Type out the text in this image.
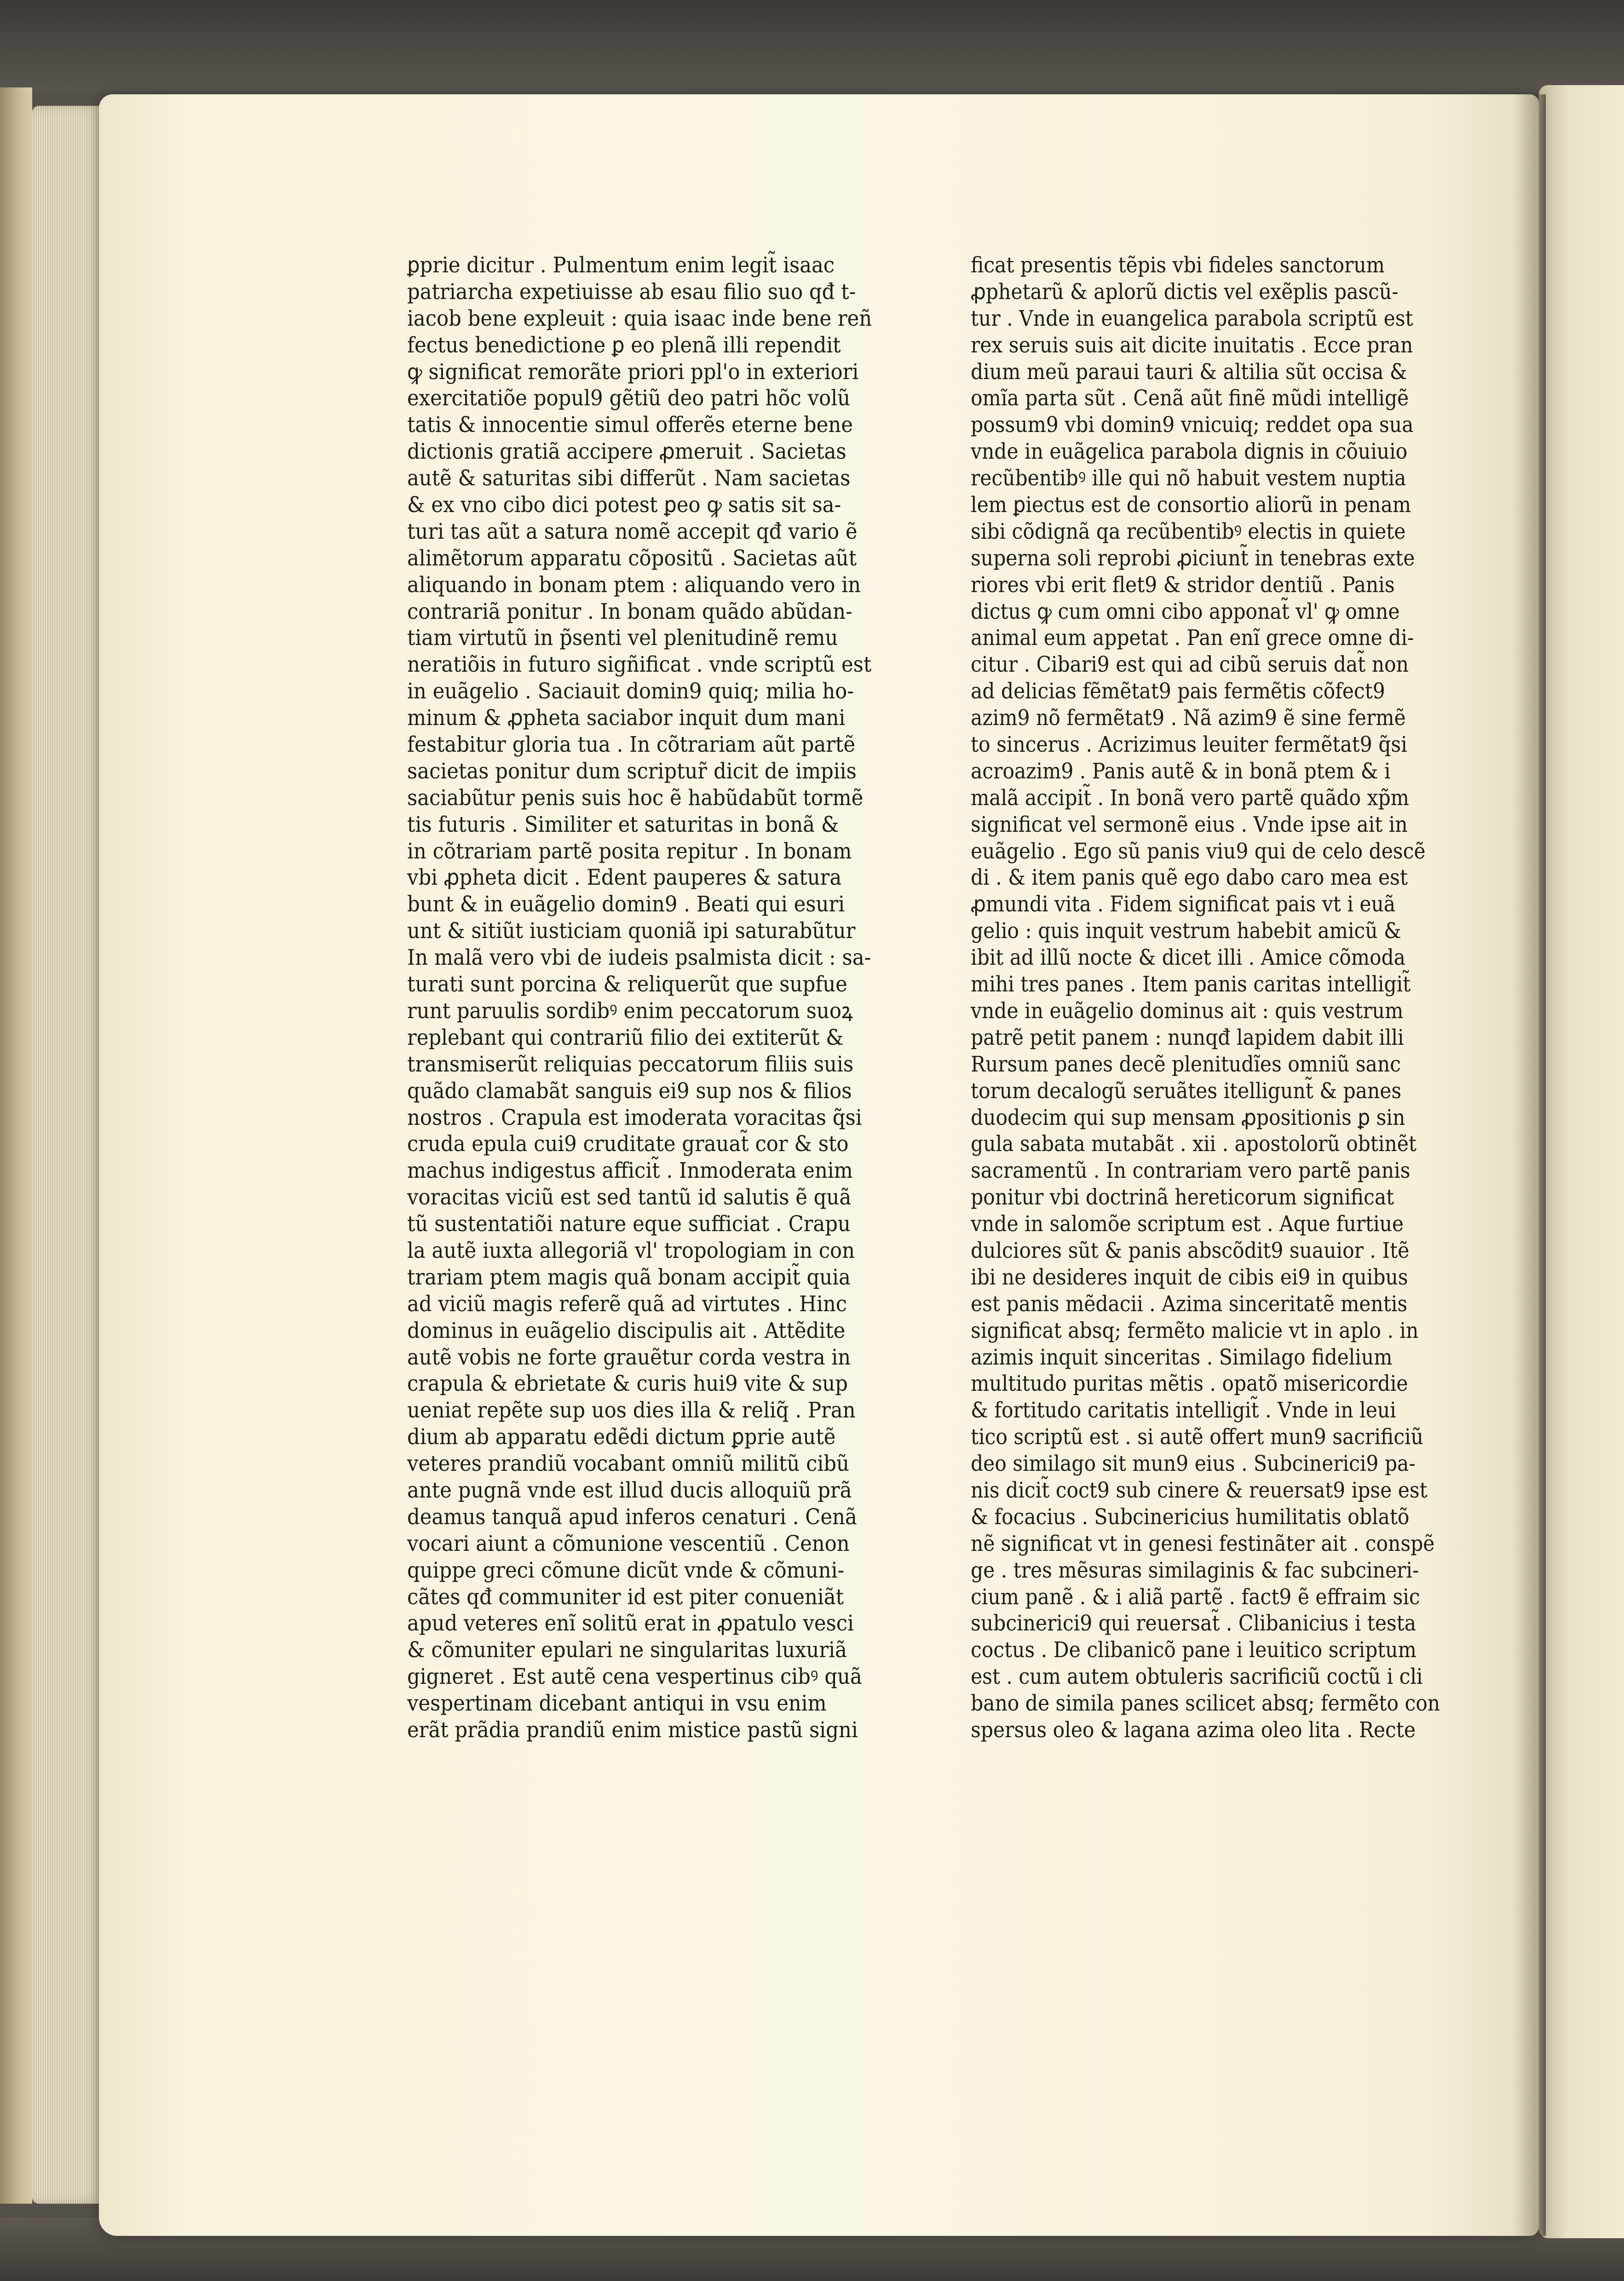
ꝑprie dicitur . Pulmentum enim legit̃ isaac
patriarcha expetiuisse ab esau filio suo qđ t-
iacob bene expleuit : quia isaac inde bene reñ
fectus benedictione ꝑ eo plenã illi rependit
ꝙ significat remorãte priori ppl'o in exteriori
exercitatiõe popul9 gẽtiũ deo patri hõc volũ
tatis & innocentie simul offerẽs eterne bene
dictionis gratiã accipere ꝓmeruit . Sacietas
autẽ & saturitas sibi differũt . Nam sacietas
& ex vno cibo dici potest ꝑeo ꝙ satis sit sa-
turi tas aũt a satura nomẽ accepit qđ vario ẽ
alimẽtorum apparatu cõpositũ . Sacietas aũt
aliquando in bonam ptem : aliquando vero in
contrariã ponitur . In bonam quãdo abũdan-
tiam virtutũ in p̃senti vel plenitudinẽ remu
neratiõis in futuro sigñificat . vnde scriptũ est
in euãgelio . Saciauit domin9 quiq; milia ho-
minum & ꝓpheta saciabor inquit dum mani
festabitur gloria tua . In cõtrariam aũt partẽ
sacietas ponitur dum scriptur̃ dicit de impiis
saciabũtur penis suis hoc ẽ habũdabũt tormẽ
tis futuris . Similiter et saturitas in bonã &
in cõtrariam partẽ posita repitur . In bonam
vbi ꝓpheta dicit . Edent pauperes & satura
bunt & in euãgelio domin9 . Beati qui esuri
unt & sitiũt iusticiam quoniã ipi saturabũtur
In malã vero vbi de iudeis psalmista dicit : sa-
turati sunt porcina & reliquerũt que supfue
runt paruulis sordibꝰ enim peccatorum suoꝝ
replebant qui contrariũ filio dei extiterũt &
transmiserũt reliquias peccatorum filiis suis
quãdo clamabãt sanguis ei9 sup nos & filios
nostros . Crapula est imoderata voracitas q̃si
cruda epula cui9 cruditate grauat̃ cor & sto
machus indigestus afficit̃ . Inmoderata enim
voracitas viciũ est sed tantũ id salutis ẽ quã
tũ sustentatiõi nature eque sufficiat . Crapu
la autẽ iuxta allegoriã vl' tropologiam in con
trariam ptem magis quã bonam accipit̃ quia
ad viciũ magis referẽ quã ad virtutes . Hinc
dominus in euãgelio discipulis ait . Attẽdite
autẽ vobis ne forte grauẽtur corda vestra in
crapula & ebrietate & curis hui9 vite & sup
ueniat repẽte sup uos dies illa & reliq̃ . Pran
dium ab apparatu edẽdi dictum ꝑprie autẽ
veteres prandiũ vocabant omniũ militũ cibũ
ante pugnã vnde est illud ducis alloquiũ prã
deamus tanquã apud inferos cenaturi . Cenã
vocari aiunt a cõmunione vescentiũ . Cenon
quippe greci cõmune dicũt vnde & cõmuni-
cãtes qđ communiter id est piter conueniãt
apud veteres enĩ solitũ erat in ꝓpatulo vesci
& cõmuniter epulari ne singularitas luxuriã
gigneret . Est autẽ cena vespertinus cibꝰ quã
vespertinam dicebant antiqui in vsu enim
erãt prãdia prandiũ enim mistice pastũ signi
ficat presentis tẽpis vbi fideles sanctorum
ꝓphetarũ & aplorũ dictis vel exẽplis pascũ-
tur . Vnde in euangelica parabola scriptũ est
rex seruis suis ait dicite inuitatis . Ecce pran
dium meũ paraui tauri & altilia sũt occisa &
omĩa parta sũt . Cenã aũt finẽ mũdi intelligẽ
possum9 vbi domin9 vnicuiq; reddet opa sua
vnde in euãgelica parabola dignis in cõuiuio
recũbentibꝰ ille qui nõ habuit vestem nuptia
lem ꝑiectus est de consortio aliorũ in penam
sibi cõdignã qa recũbentibꝰ electis in quiete
superna soli reprobi ꝓiciunt̃ in tenebras exte
riores vbi erit flet9 & stridor dentiũ . Panis
dictus ꝙ cum omni cibo apponat̃ vl' ꝙ omne
animal eum appetat . Pan enĩ grece omne di-
citur . Cibari9 est qui ad cibũ seruis dat̃ non
ad delicias fẽmẽtat9 pais fermẽtis cõfect9
azim9 nõ fermẽtat9 . Nã azim9 ẽ sine fermẽ
to sincerus . Acrizimus leuiter fermẽtat9 q̃si
acroazim9 . Panis autẽ & in bonã ptem & i
malã accipit̃ . In bonã vero partẽ quãdo xp̃m
significat vel sermonẽ eius . Vnde ipse ait in
euãgelio . Ego sũ panis viu9 qui de celo descẽ
di . & item panis quẽ ego dabo caro mea est
ꝓmundi vita . Fidem significat pais vt i euã
gelio : quis inquit vestrum habebit amicũ &
ibit ad illũ nocte & dicet illi . Amice cõmoda
mihi tres panes . Item panis caritas intelligit̃
vnde in euãgelio dominus ait : quis vestrum
patrẽ petit panem : nunqđ lapidem dabit illi
Rursum panes decẽ plenitudĩes omniũ sanc
torum decalogũ seruãtes itelligunt̃ & panes
duodecim qui sup mensam ꝓpositionis ꝑ sin
gula sabata mutabãt . xii . apostolorũ obtinẽt
sacramentũ . In contrariam vero partẽ panis
ponitur vbi doctrinã hereticorum significat
vnde in salomõe scriptum est . Aque furtiue
dulciores sũt & panis abscõdit9 suauior . Itẽ
ibi ne desideres inquit de cibis ei9 in quibus
est panis mẽdacii . Azima sinceritatẽ mentis
significat absq; fermẽto malicie vt in aplo . in
azimis inquit sinceritas . Similago fidelium
multitudo puritas mẽtis . opatõ misericordie
& fortitudo caritatis intelligit̃ . Vnde in leui
tico scriptũ est . si autẽ offert mun9 sacrificiũ
deo similago sit mun9 eius . Subcinerici9 pa-
nis dicit̃ coct9 sub cinere & reuersat9 ipse est
& focacius . Subcinericius humilitatis oblatõ
nẽ significat vt in genesi festinãter ait . conspẽ
ge . tres mẽsuras similaginis & fac subcineri-
cium panẽ . & i aliã partẽ . fact9 ẽ effraim sic
subcinerici9 qui reuersat̃ . Clibanicius i testa
coctus . De clibanicõ pane i leuitico scriptum
est . cum autem obtuleris sacrificiũ coctũ i cli
bano de simila panes scilicet absq; fermẽto con
spersus oleo & lagana azima oleo lita . Recte
